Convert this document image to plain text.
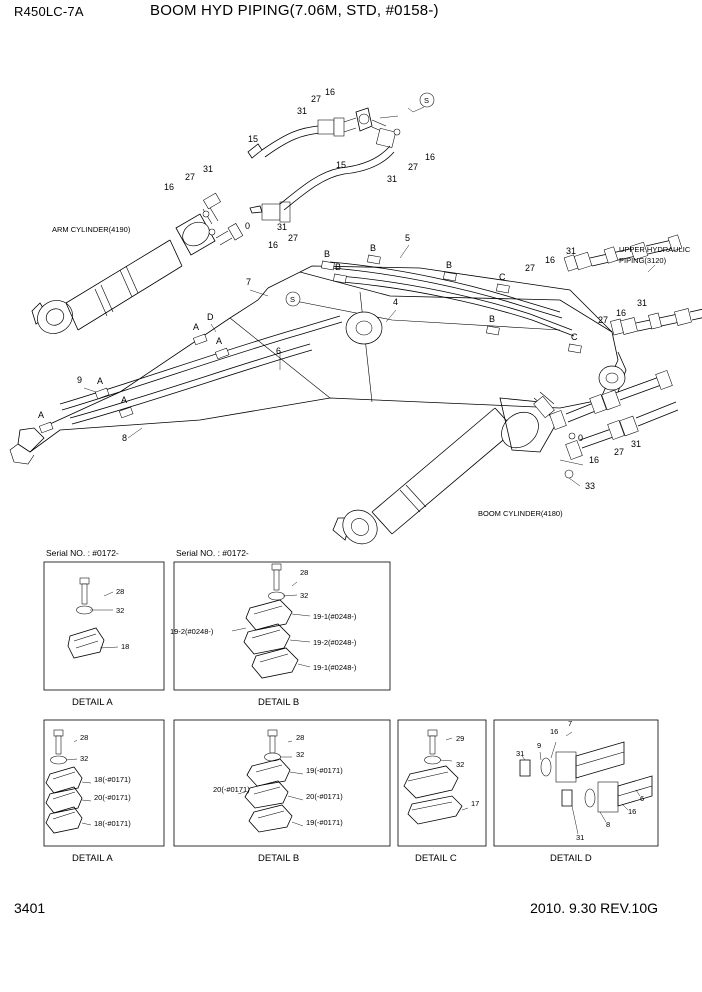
R450LC-7A	BOOM HYD PIPING(7.06M, STD, #0158-)
S
S
16
27
31
15
16
27
31
15
31
27
16
27
31
16
0
B
B
B	B
B
C
C
5
4
7
6
8
9 A
A
A
A
A
D
31
16
27
31
16
27
31
27
16
0
33
ARM CYLINDER(4190)
BOOM CYLINDER(4180)
UPPER HYDRAULIC
PIPING(3120)
Serial NO. : #0172-	Serial NO. : #0172-
DETAIL A	DETAIL B
28
32
18
28
32
19-1(#0248-)
19-2(#0248-)
19-2(#0248-)
19-1(#0248-)
DETAIL A
28
32
18(-#0171)
20(-#0171)
18(-#0171)
DETAIL B
28
32
19(-#0171)
20(-#0171)
20(-#0171)
19(-#0171)
DETAIL C
29
32
17
DETAIL D
7
16
9
31
6
16
8
31
3401	2010. 9.30 REV.10G
